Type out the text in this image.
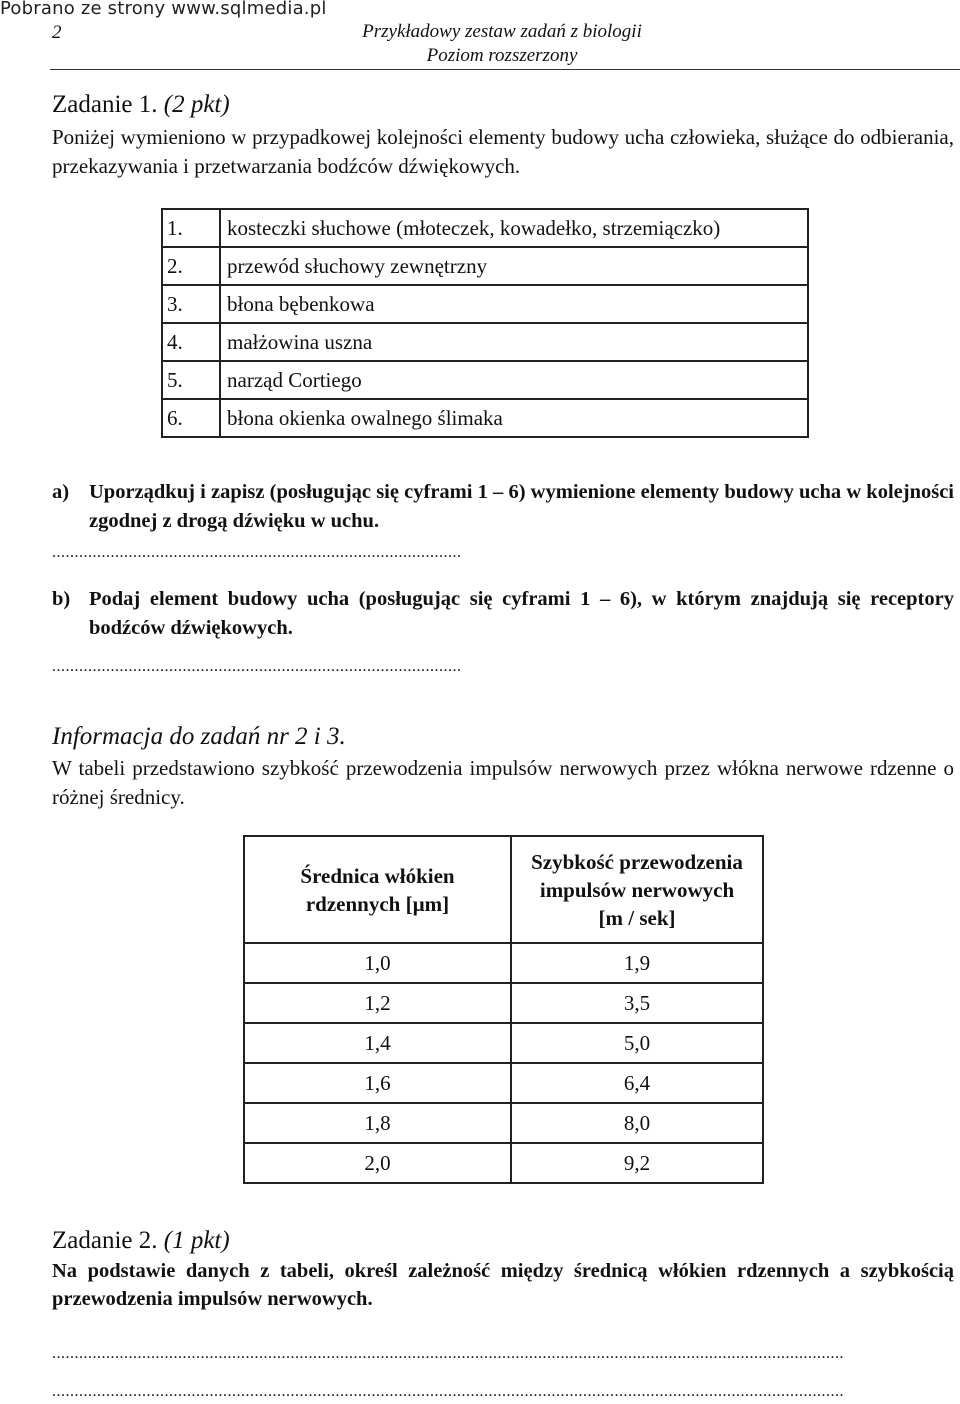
Pobrano ze strony www.sqlmedia.pl
2	Przykładowy zestaw zadań z biologii
Poziom rozszerzony
Zadanie 1. (2 pkt)
Poniżej wymieniono w przypadkowej kolejności elementy budowy ucha człowieka, służące do odbierania, przekazywania i przetwarzania bodźców dźwiękowych.
1.	kosteczki słuchowe (młoteczek, kowadełko, strzemiączko)
2.	przewód słuchowy zewnętrzny
3.	błona bębenkowa
4.	małżowina uszna
5.	narząd Cortiego
6.	błona okienka owalnego ślimaka
a) Uporządkuj i zapisz (posługując się cyframi 1 – 6) wymienione elementy budowy ucha w kolejności zgodnej z drogą dźwięku w uchu.
...........................................................................................
b) Podaj element budowy ucha (posługując się cyframi 1 – 6), w którym znajdują się receptory bodźców dźwiękowych.
...........................................................................................
Informacja do zadań nr 2 i 3.
W tabeli przedstawiono szybkość przewodzenia impulsów nerwowych przez włókna nerwowe rdzenne o różnej średnicy.
Średnica włókien
rdzennych [µm]	Szybkość przewodzenia
impulsów nerwowych
[m / sek]
1,0	1,9
1,2	3,5
1,4	5,0
1,6	6,4
1,8	8,0
2,0	9,2
Zadanie 2. (1 pkt)
Na podstawie danych z tabeli, określ zależność między średnicą włókien rdzennych a szybkością przewodzenia impulsów nerwowych.
................................................................................................................................................................................
................................................................................................................................................................................
